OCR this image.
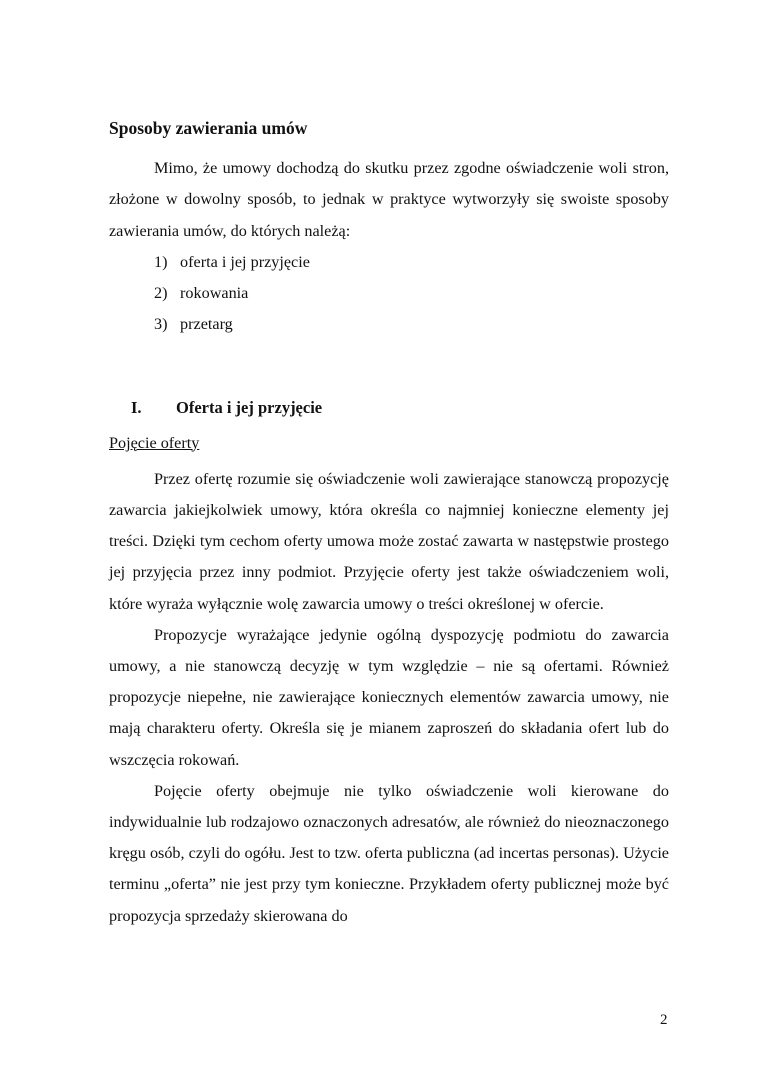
Sposoby zawierania umów

Mimo, że umowy dochodzą do skutku przez zgodne oświadczenie woli stron, złożone w dowolny sposób, to jednak w praktyce wytworzyły się swoiste sposoby zawierania umów, do których należą:

1) oferta i jej przyjęcie
2) rokowania
3) przetarg
I. Oferta i jej przyjęcie
Pojęcie oferty

Przez ofertę rozumie się oświadczenie woli zawierające stanowczą propozycję zawarcia jakiejkolwiek umowy, która określa co najmniej konieczne elementy jej treści. Dzięki tym cechom oferty umowa może zostać zawarta w następstwie prostego jej przyjęcia przez inny podmiot. Przyjęcie oferty jest także oświadczeniem woli, które wyraża wyłącznie wolę zawarcia umowy o treści określonej w ofercie.

Propozycje wyrażające jedynie ogólną dyspozycję podmiotu do zawarcia umowy, a nie stanowczą decyzję w tym względzie – nie są ofertami. Również propozycje niepełne, nie zawierające koniecznych elementów zawarcia umowy, nie mają charakteru oferty. Określa się je mianem zaproszeń do składania ofert lub do wszczęcia rokowań.

Pojęcie oferty obejmuje nie tylko oświadczenie woli kierowane do indywidualnie lub rodzajowo oznaczonych adresatów, ale również do nieoznaczonego kręgu osób, czyli do ogółu. Jest to tzw. oferta publiczna (ad incertas personas). Użycie terminu „oferta” nie jest przy tym konieczne. Przykładem oferty publicznej może być propozycja sprzedaży skierowana do

2
